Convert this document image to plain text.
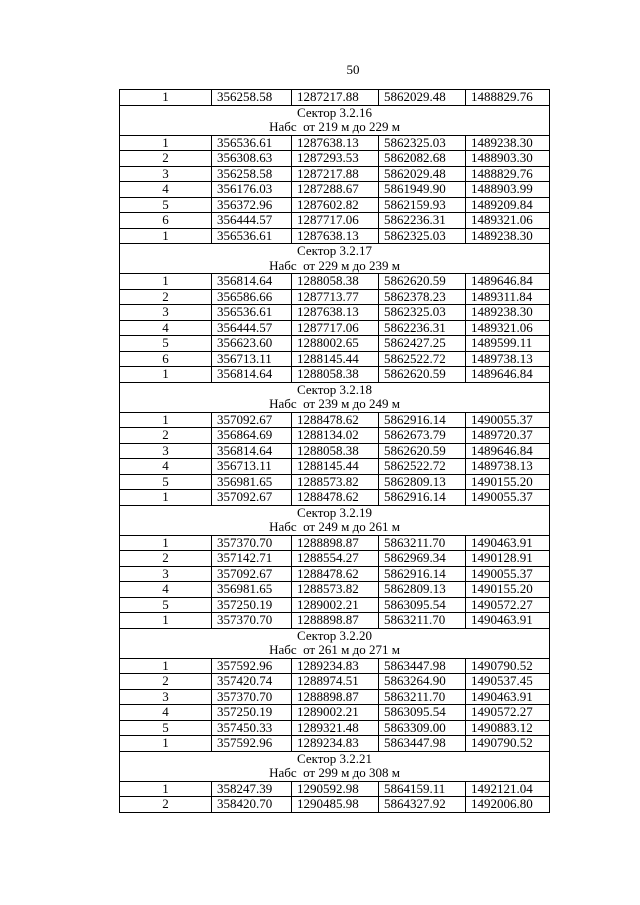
50
1	356258.58	1287217.88	5862029.48	1488829.76
Сектор 3.2.16				
Набс  от 219 м до 229 м				
1	356536.61	1287638.13	5862325.03	1489238.30
2	356308.63	1287293.53	5862082.68	1488903.30
3	356258.58	1287217.88	5862029.48	1488829.76
4	356176.03	1287288.67	5861949.90	1488903.99
5	356372.96	1287602.82	5862159.93	1489209.84
6	356444.57	1287717.06	5862236.31	1489321.06
1	356536.61	1287638.13	5862325.03	1489238.30
Сектор 3.2.17				
Набс  от 229 м до 239 м				
1	356814.64	1288058.38	5862620.59	1489646.84
2	356586.66	1287713.77	5862378.23	1489311.84
3	356536.61	1287638.13	5862325.03	1489238.30
4	356444.57	1287717.06	5862236.31	1489321.06
5	356623.60	1288002.65	5862427.25	1489599.11
6	356713.11	1288145.44	5862522.72	1489738.13
1	356814.64	1288058.38	5862620.59	1489646.84
Сектор 3.2.18				
Набс  от 239 м до 249 м				
1	357092.67	1288478.62	5862916.14	1490055.37
2	356864.69	1288134.02	5862673.79	1489720.37
3	356814.64	1288058.38	5862620.59	1489646.84
4	356713.11	1288145.44	5862522.72	1489738.13
5	356981.65	1288573.82	5862809.13	1490155.20
1	357092.67	1288478.62	5862916.14	1490055.37
Сектор 3.2.19				
Набс  от 249 м до 261 м				
1	357370.70	1288898.87	5863211.70	1490463.91
2	357142.71	1288554.27	5862969.34	1490128.91
3	357092.67	1288478.62	5862916.14	1490055.37
4	356981.65	1288573.82	5862809.13	1490155.20
5	357250.19	1289002.21	5863095.54	1490572.27
1	357370.70	1288898.87	5863211.70	1490463.91
Сектор 3.2.20				
Набс  от 261 м до 271 м				
1	357592.96	1289234.83	5863447.98	1490790.52
2	357420.74	1288974.51	5863264.90	1490537.45
3	357370.70	1288898.87	5863211.70	1490463.91
4	357250.19	1289002.21	5863095.54	1490572.27
5	357450.33	1289321.48	5863309.00	1490883.12
1	357592.96	1289234.83	5863447.98	1490790.52
Сектор 3.2.21				
Набс  от 299 м до 308 м				
1	358247.39	1290592.98	5864159.11	1492121.04
2	358420.70	1290485.98	5864327.92	1492006.80
